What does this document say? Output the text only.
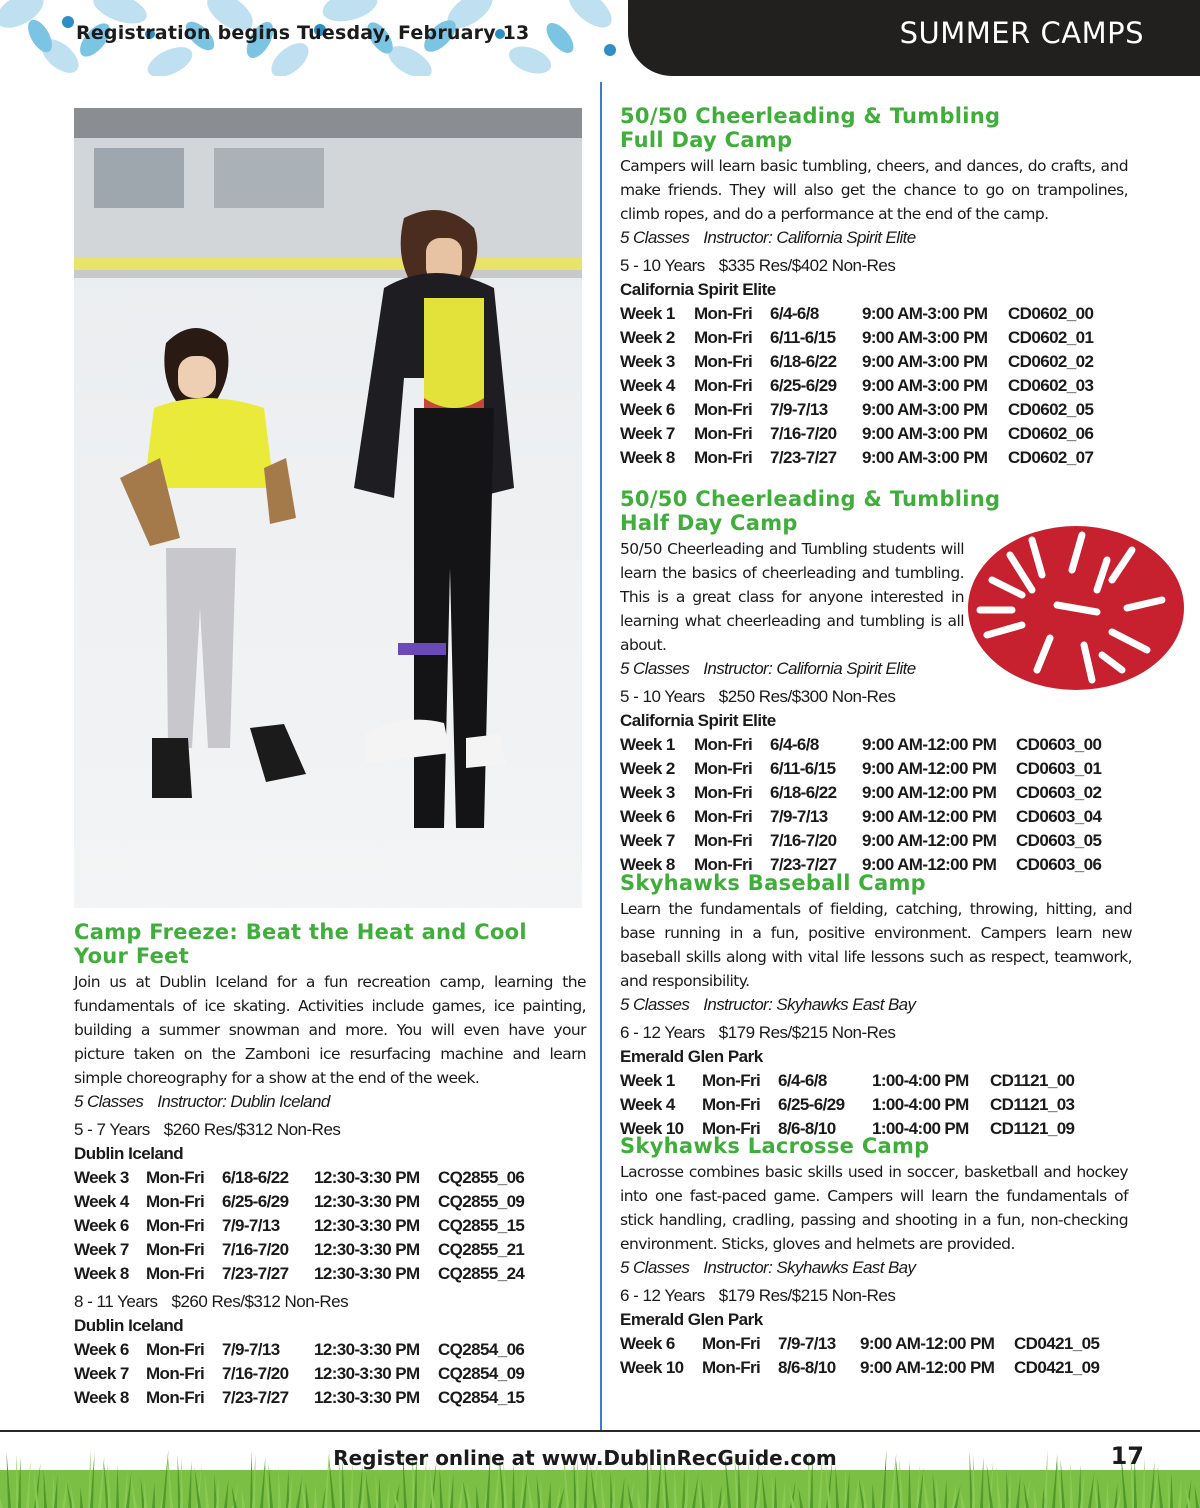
Registration begins Tuesday, February 13	SUMMER CAMPS
Camp Freeze: Beat the Heat and Cool
Your Feet

Join us at Dublin Iceland for a fun recreation camp, learning the fundamentals of ice skating. Activities include games, ice painting, building a summer snowman and more. You will even have your picture taken on the Zamboni ice resurfacing machine and learn simple choreography for a show at the end of the week.

5 Classes Instructor: Dublin Iceland

5 - 7 Years $260 Res/$312 Non-Res

Dublin Iceland

Week 3	Mon-Fri	6/18-6/22	12:30-3:30 PM	CQ2855_06
Week 4	Mon-Fri	6/25-6/29	12:30-3:30 PM	CQ2855_09
Week 6	Mon-Fri	7/9-7/13	12:30-3:30 PM	CQ2855_15
Week 7	Mon-Fri	7/16-7/20	12:30-3:30 PM	CQ2855_21
Week 8	Mon-Fri	7/23-7/27	12:30-3:30 PM	CQ2855_24

8 - 11 Years $260 Res/$312 Non-Res

Dublin Iceland

Week 6	Mon-Fri	7/9-7/13	12:30-3:30 PM	CQ2854_06
Week 7	Mon-Fri	7/16-7/20	12:30-3:30 PM	CQ2854_09
Week 8	Mon-Fri	7/23-7/27	12:30-3:30 PM	CQ2854_15
50/50 Cheerleading & Tumbling
Full Day Camp

Campers will learn basic tumbling, cheers, and dances, do crafts, and make friends. They will also get the chance to go on trampolines, climb ropes, and do a performance at the end of the camp.

5 Classes Instructor: California Spirit Elite

5 - 10 Years $335 Res/$402 Non-Res

California Spirit Elite

Week 1	Mon-Fri	6/4-6/8	9:00 AM-3:00 PM	CD0602_00
Week 2	Mon-Fri	6/11-6/15	9:00 AM-3:00 PM	CD0602_01
Week 3	Mon-Fri	6/18-6/22	9:00 AM-3:00 PM	CD0602_02
Week 4	Mon-Fri	6/25-6/29	9:00 AM-3:00 PM	CD0602_03
Week 6	Mon-Fri	7/9-7/13	9:00 AM-3:00 PM	CD0602_05
Week 7	Mon-Fri	7/16-7/20	9:00 AM-3:00 PM	CD0602_06
Week 8	Mon-Fri	7/23-7/27	9:00 AM-3:00 PM	CD0602_07
50/50 Cheerleading & Tumbling
Half Day Camp

50/50 Cheerleading and Tumbling students will learn the basics of cheerleading and tumbling. This is a great class for anyone interested in learning what cheerleading and tumbling is all about.

5 Classes Instructor: California Spirit Elite

5 - 10 Years $250 Res/$300 Non-Res

California Spirit Elite

Week 1	Mon-Fri	6/4-6/8	9:00 AM-12:00 PM	CD0603_00
Week 2	Mon-Fri	6/11-6/15	9:00 AM-12:00 PM	CD0603_01
Week 3	Mon-Fri	6/18-6/22	9:00 AM-12:00 PM	CD0603_02
Week 6	Mon-Fri	7/9-7/13	9:00 AM-12:00 PM	CD0603_04
Week 7	Mon-Fri	7/16-7/20	9:00 AM-12:00 PM	CD0603_05
Week 8	Mon-Fri	7/23-7/27	9:00 AM-12:00 PM	CD0603_06
Skyhawks Baseball Camp

Learn the fundamentals of fielding, catching, throwing, hitting, and base running in a fun, positive environment. Campers learn new baseball skills along with vital life lessons such as respect, teamwork, and responsibility.

5 Classes Instructor: Skyhawks East Bay

6 - 12 Years $179 Res/$215 Non-Res

Emerald Glen Park

Week 1	Mon-Fri	6/4-6/8	1:00-4:00 PM	CD1121_00
Week 4	Mon-Fri	6/25-6/29	1:00-4:00 PM	CD1121_03
Week 10	Mon-Fri	8/6-8/10	1:00-4:00 PM	CD1121_09
Skyhawks Lacrosse Camp

Lacrosse combines basic skills used in soccer, basketball and hockey into one fast-paced game. Campers will learn the fundamentals of stick handling, cradling, passing and shooting in a fun, non-checking environment. Sticks, gloves and helmets are provided.

5 Classes Instructor: Skyhawks East Bay

6 - 12 Years $179 Res/$215 Non-Res

Emerald Glen Park

Week 6	Mon-Fri	7/9-7/13	9:00 AM-12:00 PM	CD0421_05
Week 10	Mon-Fri	8/6-8/10	9:00 AM-12:00 PM	CD0421_09
Register online at www.DublinRecGuide.com	17
